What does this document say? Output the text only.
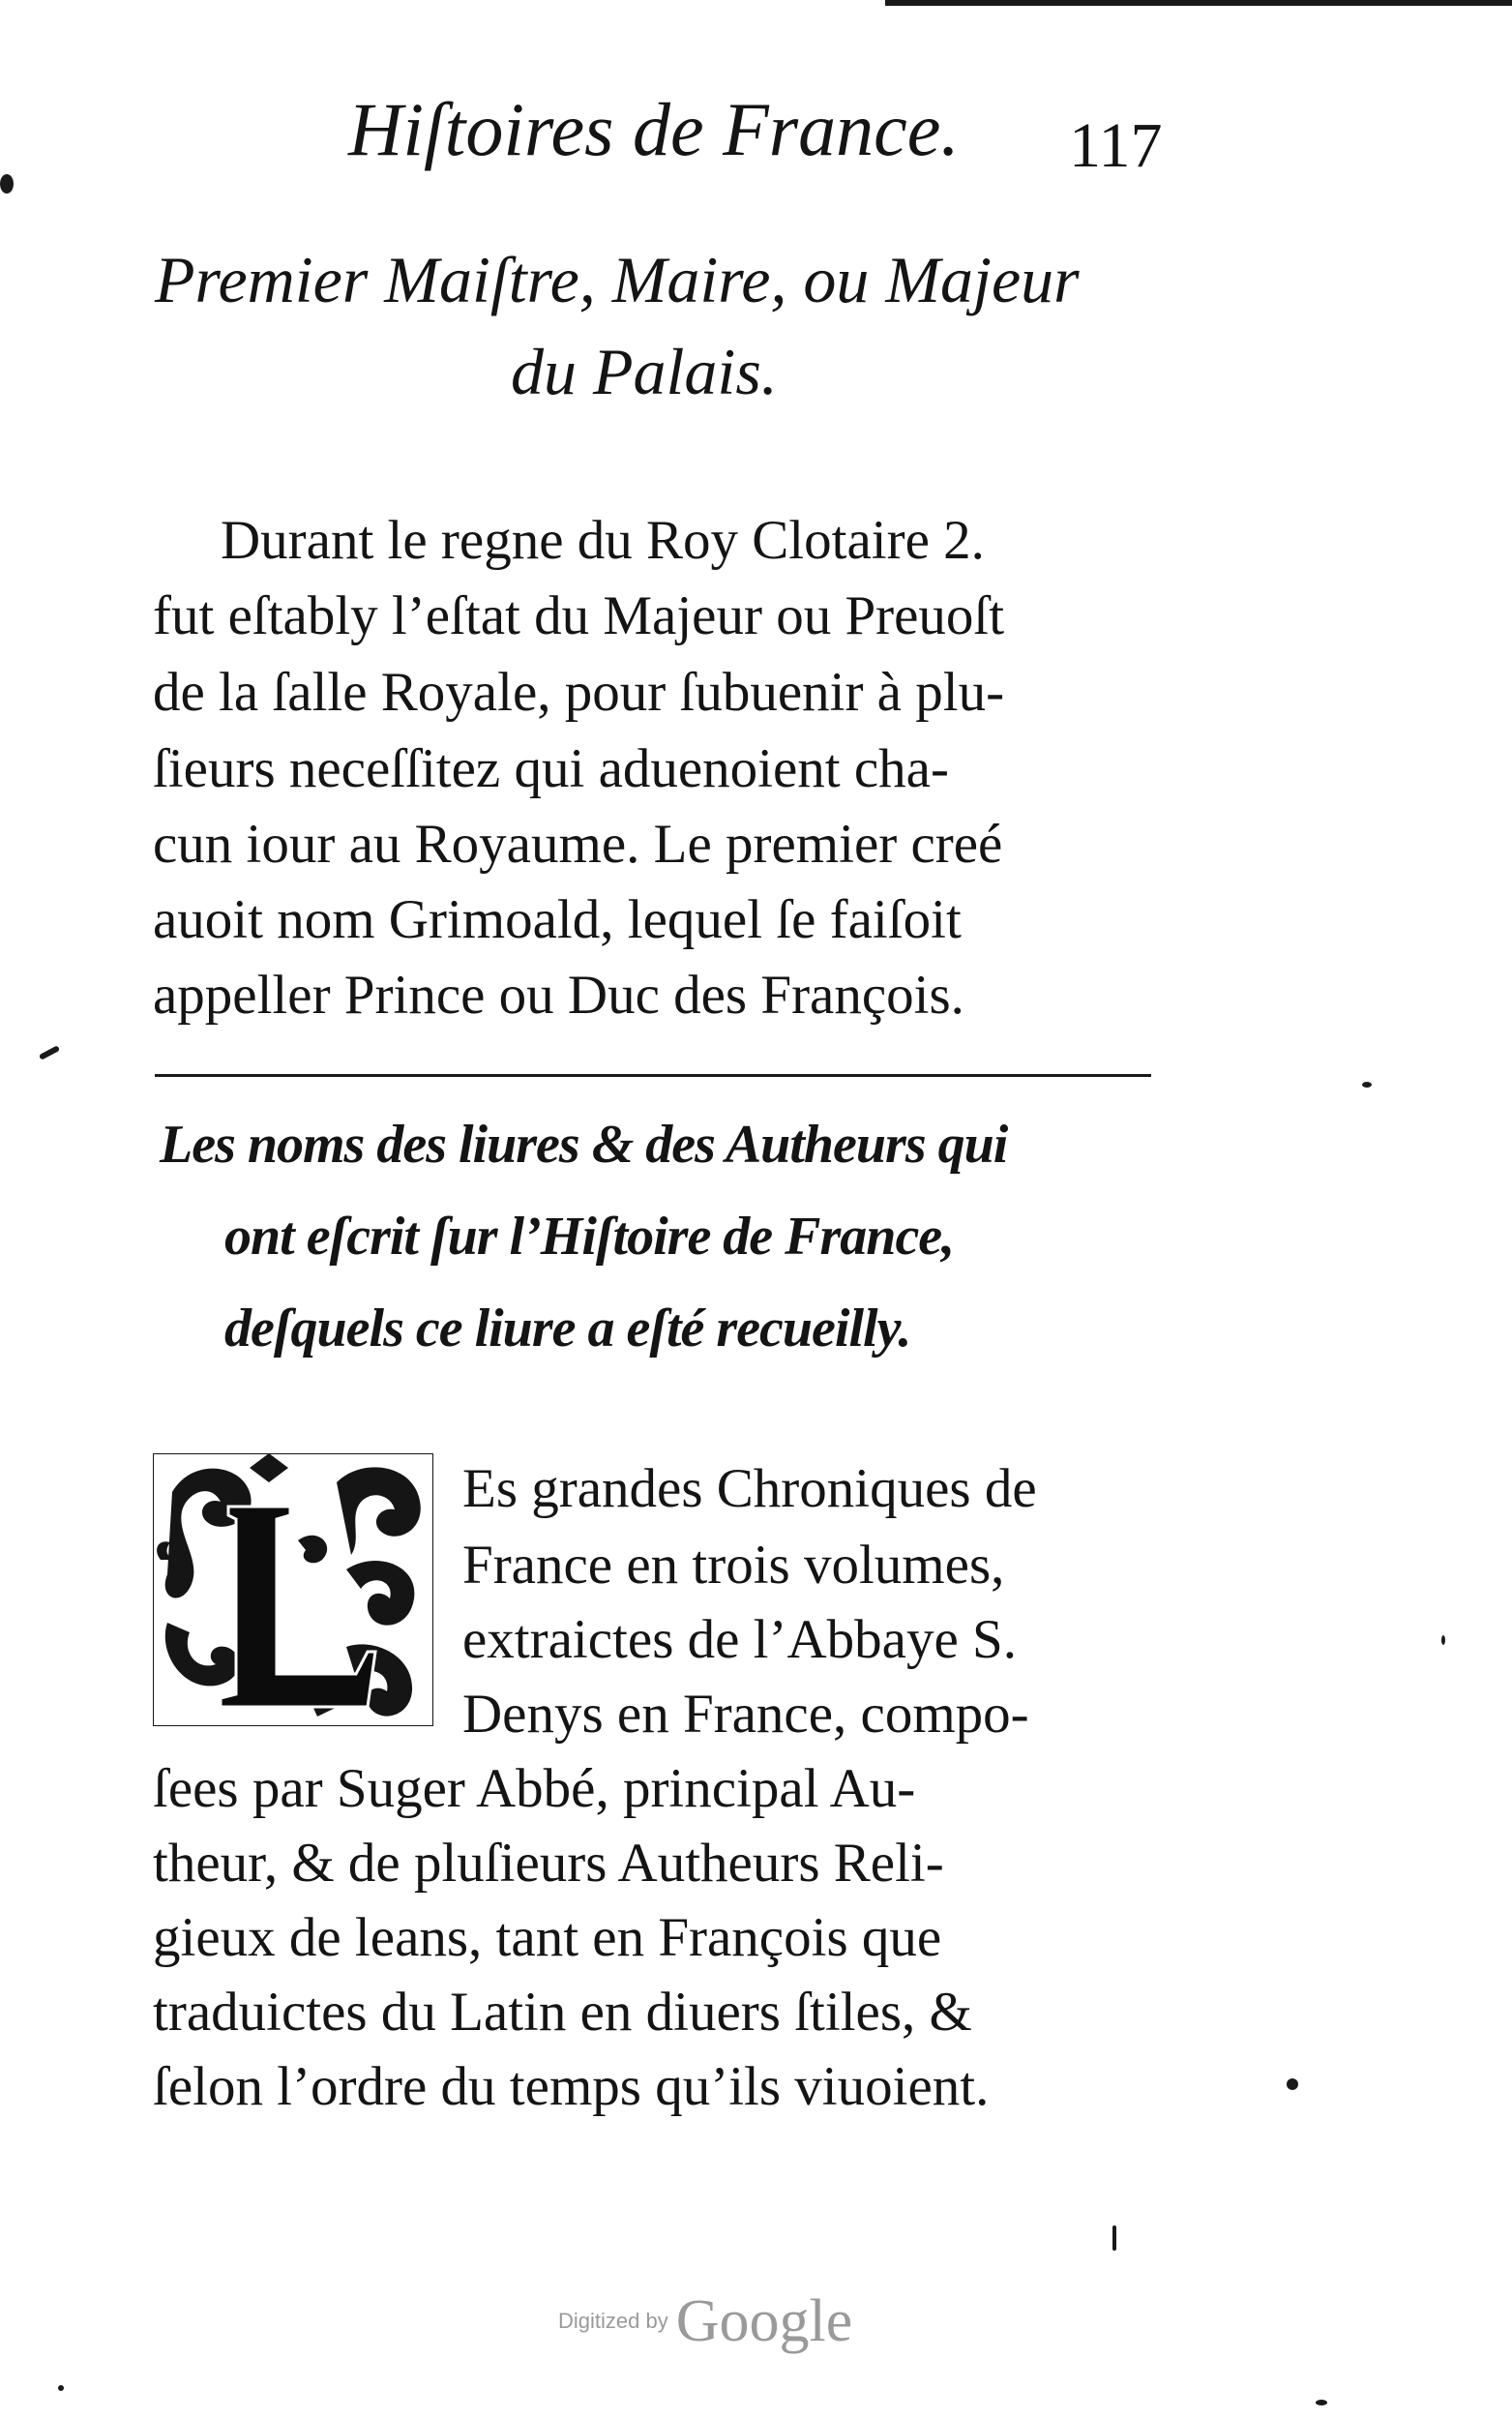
Hiſtoires de France. 117
Premier Maiſtre, Maire, ou Majeur
du Palais.
Durant le regne du Roy Clotaire 2.
fut eſtably l’eſtat du Majeur ou Preuoſt
de la ſalle Royale, pour ſubuenir à plu-
ſieurs neceſſitez qui aduenoient cha-
cun iour au Royaume. Le premier creé
auoit nom Grimoald, lequel ſe faiſoit
appeller Prince ou Duc des François.
Les noms des liures & des Autheurs qui
ont eſcrit ſur l’Hiſtoire de France,
deſquels ce liure a eſté recueilly.
Es grandes Chroniques de
France en trois volumes,
extraictes de l’Abbaye S.
Denys en France, compo-
ſees par Suger Abbé, principal Au-
theur, & de pluſieurs Autheurs Reli-
gieux de leans, tant en François que
traduictes du Latin en diuers ſtiles, &
ſelon l’ordre du temps qu’ils viuoient.
Digitized by Google
